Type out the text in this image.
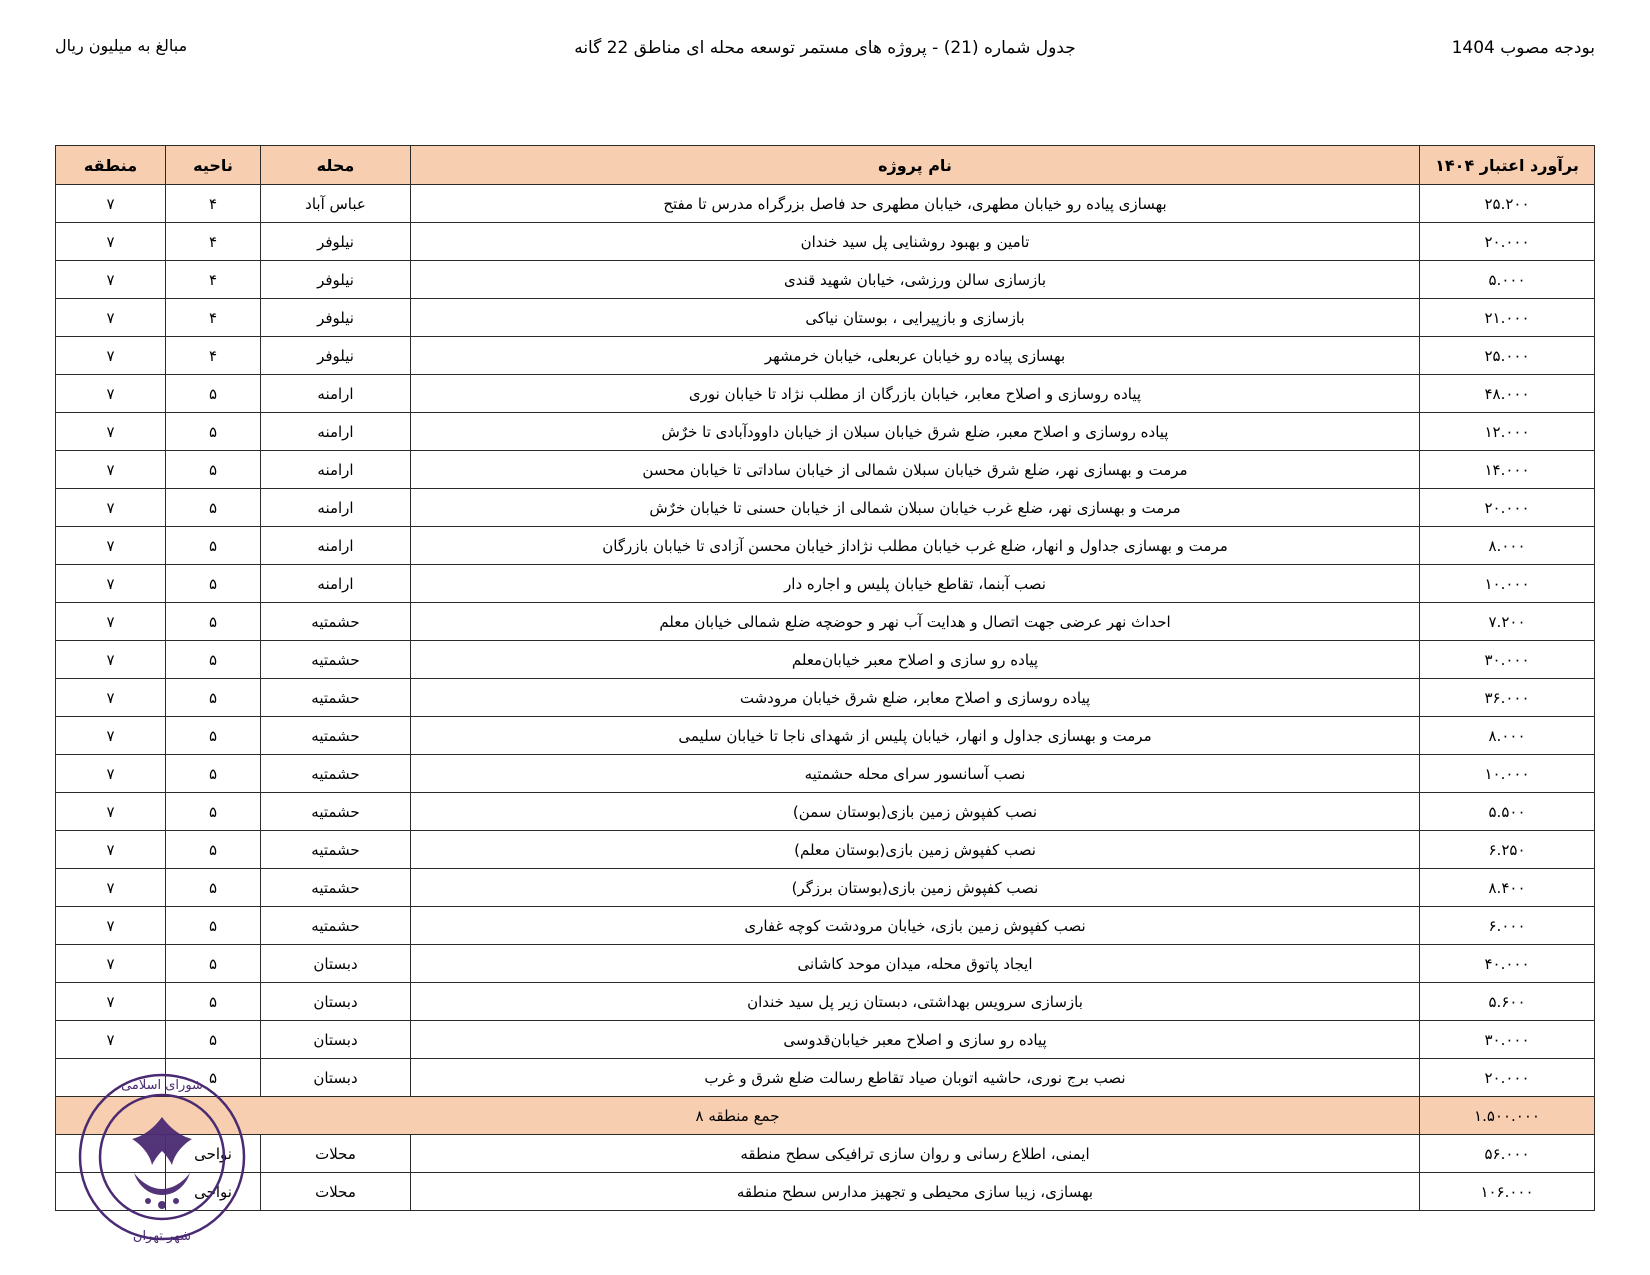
بودجه مصوب 1404
جدول شماره (21) - پروژه های مستمر توسعه محله ای مناطق 22 گانه
مبالغ به میلیون ریال
برآورد اعتبار ۱۴۰۴	نام پروژه	محله	ناحیه	منطقه
۲۵.۲۰۰	بهسازی پیاده رو خیابان مطهری، خیابان مطهری حد فاصل بزرگراه مدرس تا مفتح	عباس آباد	۴	۷
۲۰.۰۰۰	تامین و بهبود روشنایی پل سید خندان	نیلوفر	۴	۷
۵.۰۰۰	بازسازی سالن ورزشی، خیابان شهید قندی	نیلوفر	۴	۷
۲۱.۰۰۰	بازسازی و بازپیرایی ، بوستان نیاکی	نیلوفر	۴	۷
۲۵.۰۰۰	بهسازی پیاده رو خیابان عربعلی، خیابان خرمشهر	نیلوفر	۴	۷
۴۸.۰۰۰	پیاده روسازی و اصلاح معابر، خیابان بازرگان از مطلب نژاد تا خیابان نوری	ارامنه	۵	۷
۱۲.۰۰۰	پیاده روسازی و اصلاح معبر، ضلع شرق خیابان سبلان از خیابان داوودآبادی تا خرٌش	ارامنه	۵	۷
۱۴.۰۰۰	مرمت و بهسازی نهر، ضلع شرق خیابان سبلان شمالی از خیابان ساداتی تا خیابان محسن	ارامنه	۵	۷
۲۰.۰۰۰	مرمت و بهسازی نهر، ضلع غرب خیابان سبلان شمالی از خیابان حسنی تا خیابان خرٌش	ارامنه	۵	۷
۸.۰۰۰	مرمت و بهسازی جداول و انهار، ضلع غرب خیابان مطلب نژاداز خیابان محسن آزادی تا خیابان بازرگان	ارامنه	۵	۷
۱۰.۰۰۰	نصب آبنما، تقاطع خیابان پلیس و اجاره دار	ارامنه	۵	۷
۷.۲۰۰	احداث نهر عرضی جهت اتصال و هدایت آب نهر و حوضچه ضلع شمالی خیابان معلم	حشمتیه	۵	۷
۳۰.۰۰۰	پیاده رو سازی و اصلاح معبر خیابان‌معلم	حشمتیه	۵	۷
۳۶.۰۰۰	پیاده روسازی و اصلاح معابر، ضلع شرق خیابان مرودشت	حشمتیه	۵	۷
۸.۰۰۰	مرمت و بهسازی جداول و انهار، خیابان پلیس از شهدای ناجا تا خیابان سلیمی	حشمتیه	۵	۷
۱۰.۰۰۰	نصب آسانسور سرای محله حشمتیه	حشمتیه	۵	۷
۵.۵۰۰	نصب کفپوش زمین بازی(بوستان سمن)	حشمتیه	۵	۷
۶.۲۵۰	نصب کفپوش زمین بازی(بوستان معلم)	حشمتیه	۵	۷
۸.۴۰۰	نصب کفپوش زمین بازی(بوستان برزگر)	حشمتیه	۵	۷
۶.۰۰۰	نصب کفپوش زمین بازی، خیابان مرودشت کوچه غفاری	حشمتیه	۵	۷
۴۰.۰۰۰	ایجاد پاتوق محله، میدان موحد کاشانی	دبستان	۵	۷
۵.۶۰۰	بازسازی سرویس بهداشتی، دبستان زیر پل سید خندان	دبستان	۵	۷
۳۰.۰۰۰	پیاده رو سازی و اصلاح معبر خیابان‌قدوسی	دبستان	۵	۷
۲۰.۰۰۰	نصب برج نوری، حاشیه اتوبان صیاد تقاطع رسالت ضلع شرق و غرب	دبستان	۵	
۱.۵۰۰.۰۰۰	جمع منطقه ۸			
۵۶.۰۰۰	ایمنی، اطلاع رسانی و روان سازی ترافیکی سطح منطقه	محلات	نواحی	
۱۰۶.۰۰۰	بهسازی، زیبا سازی محیطی و تجهیز مدارس سطح منطقه	محلات	نواحی	
شورای اسلامی
شهر تهران
